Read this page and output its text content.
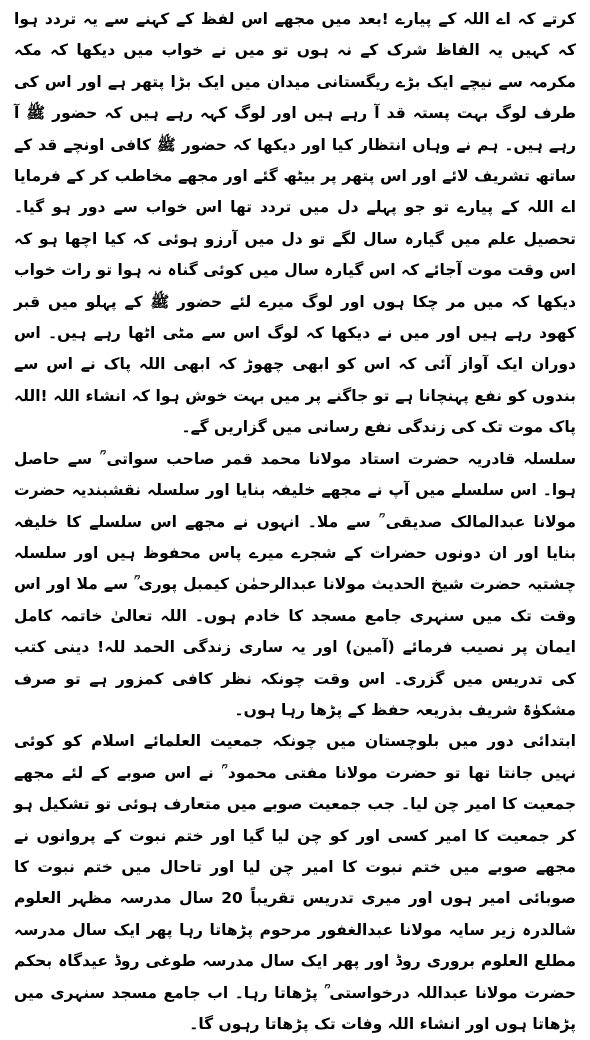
کرتے کہ اے اللہ کے پیارے !بعد میں مجھے اس لفظ کے کہنے سے یہ تردد ہوا کہ کہیں یہ الفاظ شرک کے نہ ہوں تو میں نے خواب میں دیکھا کہ مکہ مکرمہ سے نیچے ایک بڑے ریگستانی میدان میں ایک بڑا پتھر ہے اور اس کی طرف لوگ بہت پستہ قد آ رہے ہیں اور لوگ کہہ رہے ہیں کہ حضور ﷺ آ رہے ہیں۔ ہم نے وہاں انتظار کیا اور دیکھا کہ حضور ﷺ کافی اونچے قد کے ساتھ تشریف لائے اور اس پتھر پر بیٹھ گئے اور مجھے مخاطب کر کے فرمایا اے اللہ کے پیارے تو جو پہلے دل میں تردد تھا اس خواب سے دور ہو گیا۔ تحصیل علم میں گیارہ سال لگے تو دل میں آرزو ہوئی کہ کیا اچھا ہو کہ اس وقت موت آجائے کہ اس گیارہ سال میں کوئی گناہ نہ ہوا تو رات خواب دیکھا کہ میں مر چکا ہوں اور لوگ میرے لئے حضور ﷺ کے پہلو میں قبر کھود رہے ہیں اور میں نے دیکھا کہ لوگ اس سے مٹی اٹھا رہے ہیں۔ اس دوران ایک آواز آئی کہ اس کو ابھی چھوڑ کہ ابھی اللہ پاک نے اس سے بندوں کو نفع پہنچانا ہے تو جاگنے پر میں بہت خوش ہوا کہ انشاء اللہ !اللہ پاک موت تک کی زندگی نفع رسانی میں گزاریں گے۔

سلسلہ قادریہ حضرت استاد مولانا محمد قمر صاحب سواتی ؒ سے حاصل ہوا۔ اس سلسلے میں آپ نے مجھے خلیفہ بنایا اور سلسلہ نقشبندیہ حضرت مولانا عبدالمالک صدیقی ؒ سے ملا۔ انہوں نے مجھے اس سلسلے کا خلیفہ بنایا اور ان دونوں حضرات کے شجرے میرے پاس محفوظ ہیں اور سلسلہ چشتیہ حضرت شیخ الحدیث مولانا عبدالرحمٰن کیمبل پوری ؒ سے ملا اور اس وقت تک میں سنہری جامع مسجد کا خادم ہوں۔ اللہ تعالیٰ خاتمہ کامل ایمان پر نصیب فرمائے (آمین) اور یہ ساری زندگی الحمد للہ! دینی کتب کی تدریس میں گزری۔ اس وقت چونکہ نظر کافی کمزور ہے تو صرف مشکوٰۃ شریف بذریعہ حفظ کے پڑھا رہا ہوں۔

ابتدائی دور میں بلوچستان میں چونکہ جمعیت العلمائے اسلام کو کوئی نہیں جانتا تھا تو حضرت مولانا مفتی محمود ؒ نے اس صوبے کے لئے مجھے جمعیت کا امیر چن لیا۔ جب جمعیت صوبے میں متعارف ہوئی تو تشکیل ہو کر جمعیت کا امیر کسی اور کو چن لیا گیا اور ختم نبوت کے پروانوں نے مجھے صوبے میں ختم نبوت کا امیر چن لیا اور تاحال میں ختم نبوت کا صوبائی امیر ہوں اور میری تدریس تقریباً 20 سال مدرسہ مظہر العلوم شالدرہ زیر سایہ مولانا عبدالغفور مرحوم پڑھاتا رہا پھر ایک سال مدرسہ مطلع العلوم بروری روڈ اور پھر ایک سال مدرسہ طوغی روڈ عیدگاہ بحکم حضرت مولانا عبداللہ درخواستی ؒ پڑھاتا رہا۔ اب جامع مسجد سنہری میں پڑھاتا ہوں اور انشاء اللہ وفات تک پڑھاتا رہوں گا۔
